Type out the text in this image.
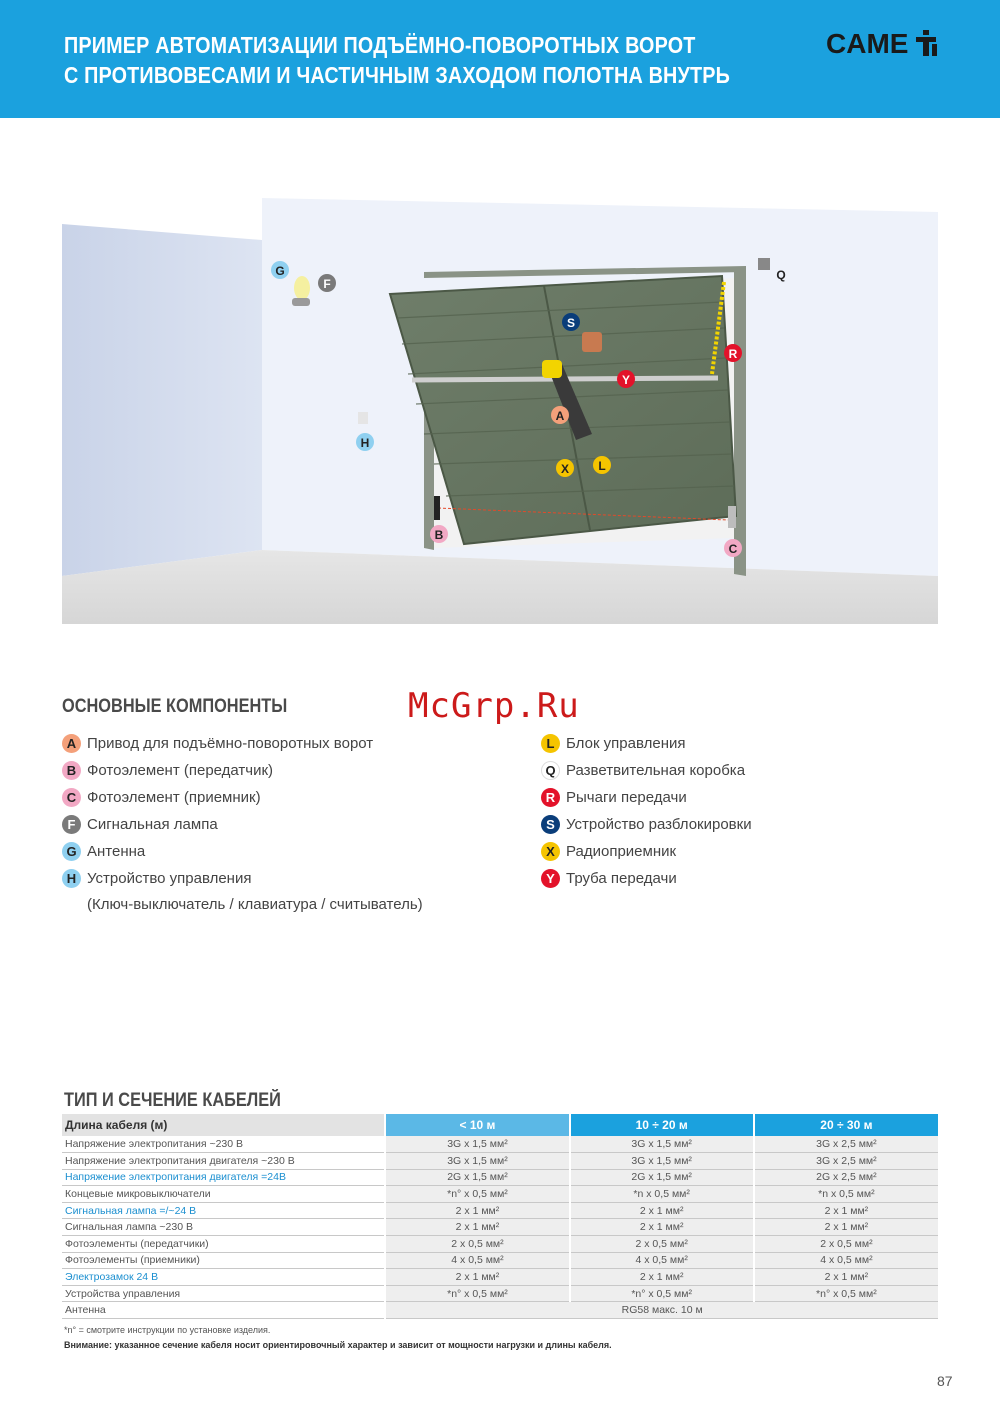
ПРИМЕР АВТОМАТИЗАЦИИ ПОДЪЁМНО-ПОВОРОТНЫХ ВОРОТ
С ПРОТИВОВЕСАМИ И ЧАСТИЧНЫМ ЗАХОДОМ ПОЛОТНА ВНУТРЬ
CAME
G
F
H
S
R
Y
A
X L
B
C
Q
ОСНОВНЫЕ КОМПОНЕНТЫ	McGrp.Ru
A Привод для подъёмно-поворотных ворот
B Фотоэлемент (передатчик)
C Фотоэлемент (приемник)
F Сигнальная лампа
G Антенна
H Устройство управления
(Ключ-выключатель / клавиатура / считыватель)
L Блок управления
Q Разветвительная коробка
R Рычаги передачи
S Устройство разблокировки
X Радиоприемник
Y Труба передачи
ТИП И СЕЧЕНИЕ КАБЕЛЕЙ
Длина кабеля (м)	< 10 м	10 ÷ 20 м	20 ÷ 30 м
Напряжение электропитания ~230 В	3G x 1,5 мм²	3G x 1,5 мм²	3G x 2,5 мм²
Напряжение электропитания двигателя ~230 В	3G x 1,5 мм²	3G x 1,5 мм²	3G x 2,5 мм²
Напряжение электропитания двигателя =24В	2G x 1,5 мм²	2G x 1,5 мм²	2G x 2,5 мм²
Концевые микровыключатели	*n° x 0,5 мм²	*n x 0,5 мм²	*n x 0,5 мм²
Сигнальная лампа =/~24 В	2 x 1 мм²	2 x 1 мм²	2 x 1 мм²
Сигнальная лампа ~230 В	2 x 1 мм²	2 x 1 мм²	2 x 1 мм²
Фотоэлементы (передатчики)	2 x 0,5 мм²	2 x 0,5 мм²	2 x 0,5 мм²
Фотоэлементы (приемники)	4 x 0,5 мм²	4 x 0,5 мм²	4 x 0,5 мм²
Электрозамок 24 В	2 x 1 мм²	2 x 1 мм²	2 x 1 мм²
Устройства управления	*n° x 0,5 мм²	*n° x 0,5 мм²	*n° x 0,5 мм²
Антенна	RG58 макс. 10 м		
*n° = смотрите инструкции по установке изделия.
Внимание: указанное сечение кабеля носит ориентировочный характер и зависит от мощности нагрузки и длины кабеля.
87
